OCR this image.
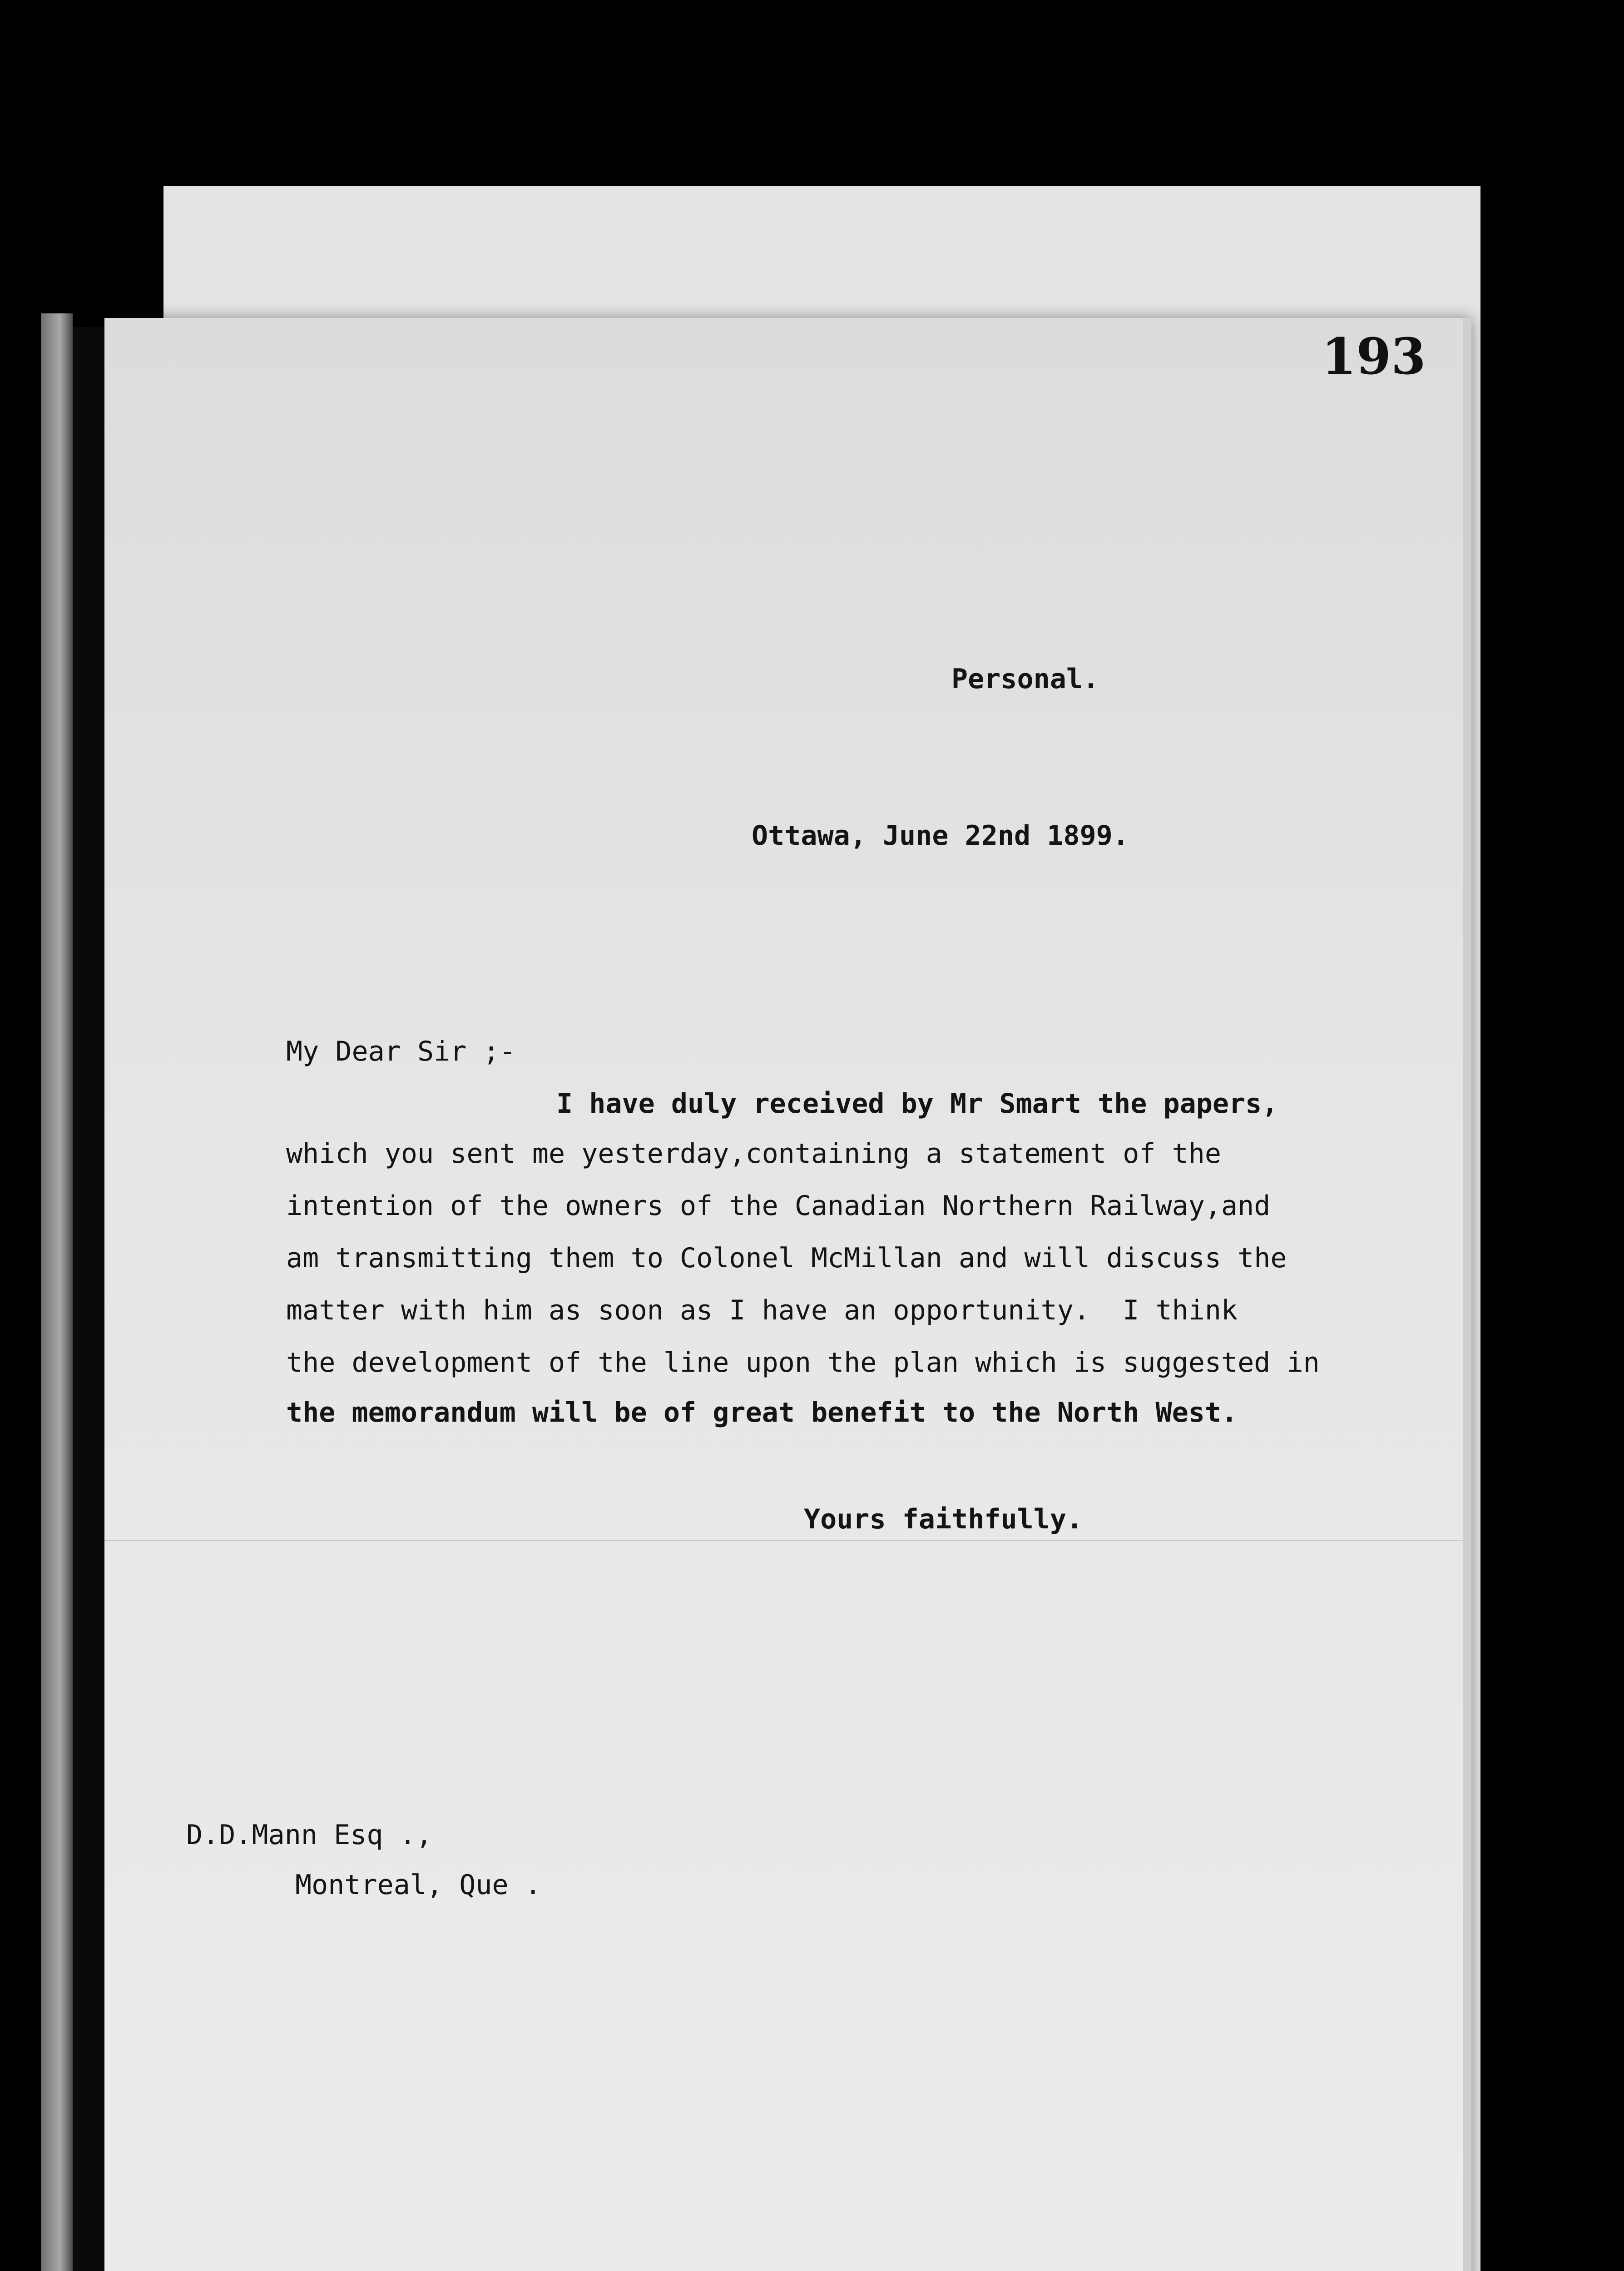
193
Personal.
Ottawa, June 22nd 1899.
My Dear Sir ;-
I have duly received by Mr Smart the papers,
which you sent me yesterday,containing a statement of the
intention of the owners of the Canadian Northern Railway,and
am transmitting them to Colonel McMillan and will discuss the
matter with him as soon as I have an opportunity.  I think
the development of the line upon the plan which is suggested in
the memorandum will be of great benefit to the North West.
Yours faithfully.
D.D.Mann Esq .,
Montreal, Que .
